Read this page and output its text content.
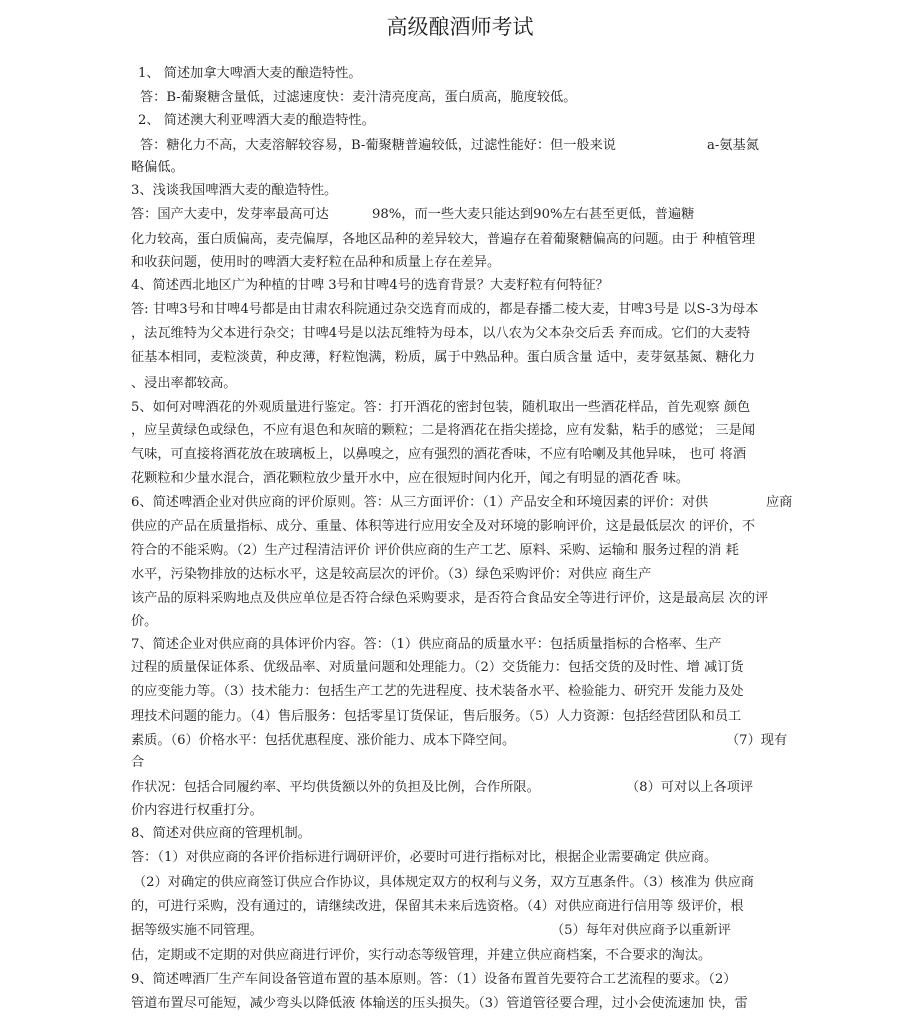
高级酿酒师考试
1、 简述加拿大啤酒大麦的酿造特性。
答：B-葡聚糖含量低，过滤速度快：麦汁清亮度高，蛋白质高，脆度较低。
2、 简述澳大利亚啤酒大麦的酿造特性。
答：糖化力不高，大麦溶解较容易，B-葡聚糖普遍较低，过滤性能好：但一般来说	a-氨基氮
略偏低。
3、浅谈我国啤酒大麦的酿造特性。
答：国产大麦中，发芽率最高可达	98%，而一些大麦只能达到90%左右甚至更低，普遍糖
化力较高，蛋白质偏高，麦壳偏厚，各地区品种的差异较大，普遍存在着葡聚糖偏高的问题。由于 种植管理
和收获问题，使用时的啤酒大麦籽粒在品种和质量上存在差异。
4、简述西北地区广为种植的甘啤 3号和甘啤4号的选育背景？大麦籽粒有何特征？
答: 甘啤3号和甘啤4号都是由甘肃农科院通过杂交选育而成的，都是春播二棱大麦，甘啤3号是 以S-3为母本
，法瓦维特为父本进行杂交；甘啤4号是以法瓦维特为母本，以八农为父本杂交后丢 弃而成。它们的大麦特
征基本相同，麦粒淡黄，种皮薄，籽粒饱满，粉质，属于中熟品种。蛋白质含量 适中，麦芽氨基氮、糖化力
、浸出率都较高。
5、如何对啤酒花的外观质量进行鉴定。答：打开酒花的密封包装，随机取出一些酒花样品，首先观察 颜色
，应呈黄绿色或绿色，不应有退色和灰暗的颗粒；二是将酒花在指尖搓捻，应有发黏，粘手的感觉； 三是闻
气味，可直接将酒花放在玻璃板上，以鼻嗅之，应有强烈的酒花香味，不应有哈喇及其他异味， 也可 将酒
花颗粒和少量水混合，酒花颗粒放少量开水中，应在很短时间内化开，闻之有明显的酒花香 味。
6、简述啤酒企业对供应商的评价原则。答：从三方面评价：（1）产品安全和环境因素的评价：对供	应商
供应的产品在质量指标、成分、重量、体积等进行应用安全及对环境的影响评价，这是最低层次 的评价，不
符合的不能采购。（2）生产过程清洁评价 评价供应商的生产工艺、原料、采购、运输和 服务过程的消 耗
水平，污染物排放的达标水平，这是较高层次的评价。（3）绿色采购评价：对供应 商生产
该产品的原料采购地点及供应单位是否符合绿色采购要求，是否符合食品安全等进行评价，这是最高层 次的评
价。
7、简述企业对供应商的具体评价内容。答：（1）供应商品的质量水平：包括质量指标的合格率、生产
过程的质量保证体系、优级品率、对质量问题和处理能力。（2）交货能力：包括交货的及时性、增 减订货
的应变能力等。（3）技术能力：包括生产工艺的先进程度、技术装备水平、检验能力、研究开 发能力及处
理技术问题的能力。（4）售后服务：包括零星订货保证，售后服务。（5）人力资源：包括经营团队和员工
素质。（6）价格水平：包括优惠程度、涨价能力、成本下降空间。	（7）现有
合
作状况：包括合同履约率、平均供货额以外的负担及比例，合作所限。	（8）可对以上各项评
价内容进行权重打分。
8、简述对供应商的管理机制。
答：（1）对供应商的各评价指标进行调研评价，必要时可进行指标对比，根据企业需要确定 供应商。
（2）对确定的供应商签订供应合作协议，具体规定双方的权利与义务，双方互惠条件。（3）核准为 供应商
的，可进行采购，没有通过的，请继续改进，保留其未来后选资格。（4）对供应商进行信用等 级评价，根
据等级实施不同管理。	（5）每年对供应商予以重新评
估，定期或不定期的对供应商进行评价，实行动态等级管理，并建立供应商档案，不合要求的淘汰。
9、简述啤酒厂生产车间设备管道布置的基本原则。答：（1）设备布置首先要符合工艺流程的要求。（2）
管道布置尽可能短，减少弯头以降低液 体输送的压头损失。（3）管道管径要合理，过小会使流速加 快，雷
